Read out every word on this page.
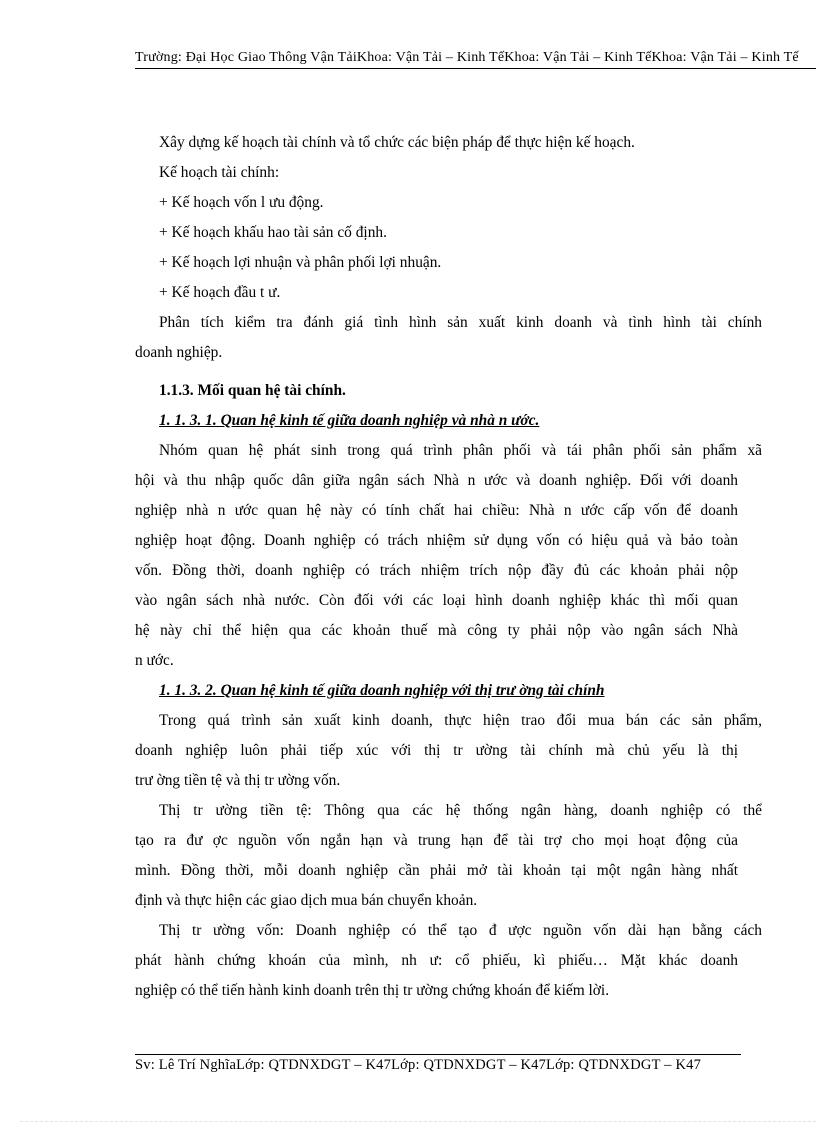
Trường: Đại Học Giao Thông Vận TảiKhoa: Vận Tải – Kinh TếKhoa: Vận Tải – Kinh TếKhoa: Vận Tải – Kinh Tế
Xây dựng kế hoạch tài chính và tổ chức các biện pháp để thực hiện kế hoạch.
Kế hoạch tài chính:
+ Kế hoạch vốn l ưu động.
+ Kế hoạch khấu hao tài sản cố định.
+ Kế hoạch lợi nhuận và phân phối lợi nhuận.
+ Kế hoạch đầu t ư.
Phân tích kiểm tra đánh giá tình hình sản xuất kinh doanh và tình hình tài chính
doanh nghiệp.
1.1.3. Mối quan hệ tài chính.
1. 1. 3. 1. Quan hệ kinh tế giữa doanh nghiệp và nhà n ước.
Nhóm quan hệ phát sinh trong quá trình phân phối và tái phân phối sản phẩm xã
hội và thu nhập quốc dân giữa ngân sách Nhà n ước và doanh nghiệp. Đối với doanh
nghiệp nhà n ước quan hệ này có tính chất hai chiều: Nhà n ước cấp vốn để doanh
nghiệp hoạt động. Doanh nghiệp có trách nhiệm sử dụng vốn có hiệu quả và bảo toàn
vốn. Đồng thời, doanh nghiệp có trách nhiệm trích nộp đầy đủ các khoản phải nộp
vào ngân sách nhà nước. Còn đối với các loại hình doanh nghiệp khác thì mối quan
hệ này chỉ thể hiện qua các khoản thuế mà công ty phải nộp vào ngân sách Nhà
n ước.
1. 1. 3. 2. Quan hệ kinh tế giữa doanh nghiệp với thị trư ờng tài chính
Trong quá trình sản xuất kinh doanh, thực hiện trao đổi mua bán các sản phẩm,
doanh nghiệp luôn phải tiếp xúc với thị tr ường tài chính mà chủ yếu là thị
trư ờng tiền tệ và thị tr ường vốn.
Thị tr ường tiền tệ: Thông qua các hệ thống ngân hàng, doanh nghiệp có thể
tạo ra đư ợc nguồn vốn ngắn hạn và trung hạn để tài trợ cho mọi hoạt động của
mình. Đồng thời, mỗi doanh nghiệp cần phải mở tài khoản tại một ngân hàng nhất
định và thực hiện các giao dịch mua bán chuyển khoản.
Thị tr ường vốn: Doanh nghiệp có thể tạo đ ược nguồn vốn dài hạn bằng cách
phát hành chứng khoán của mình, nh ư: cổ phiếu, kì phiếu… Mặt khác doanh
nghiệp có thể tiến hành kinh doanh trên thị tr ường chứng khoán để kiếm lời.
Sv: Lê Trí NghĩaLớp: QTDNXDGT – K47Lớp: QTDNXDGT – K47Lớp: QTDNXDGT – K47
